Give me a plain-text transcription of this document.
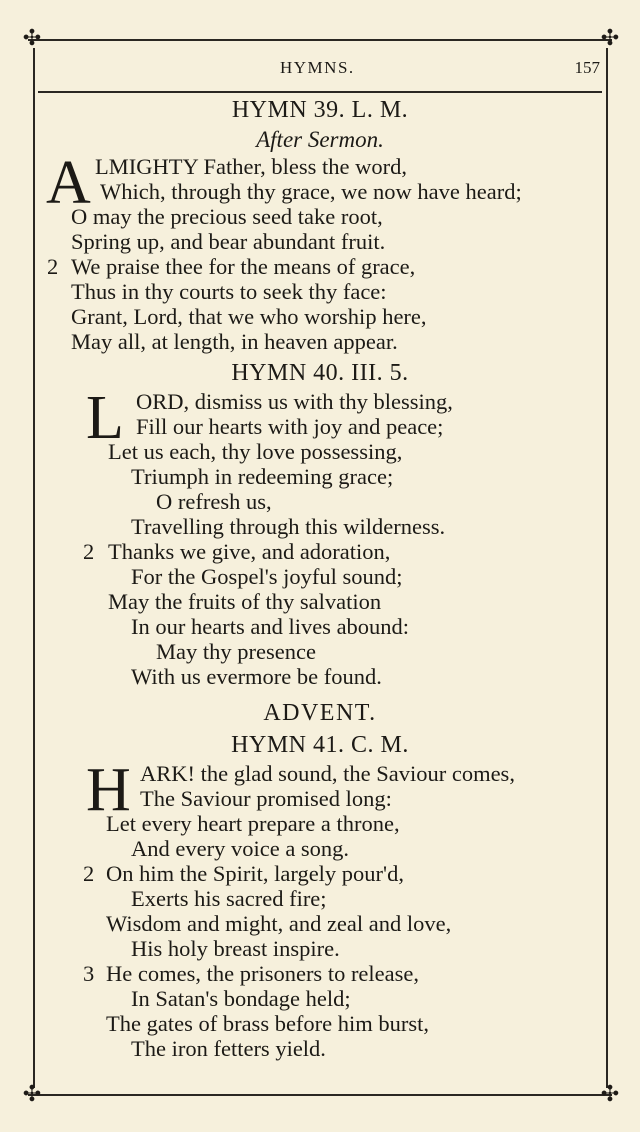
✣	✣
✣	✣
HYMNS.	157
HYMN 39. L. M.
After Sermon.
A LMIGHTY Father, bless the word,
Which, through thy grace, we now have heard;
O may the precious seed take root,
Spring up, and bear abundant fruit.
2 We praise thee for the means of grace,
Thus in thy courts to seek thy face:
Grant, Lord, that we who worship here,
May all, at length, in heaven appear.
HYMN 40. III. 5.
L ORD, dismiss us with thy blessing,
Fill our hearts with joy and peace;
Let us each, thy love possessing,
Triumph in redeeming grace;
O refresh us,
Travelling through this wilderness.
2 Thanks we give, and adoration,
For the Gospel's joyful sound;
May the fruits of thy salvation
In our hearts and lives abound:
May thy presence
With us evermore be found.
ADVENT.
HYMN 41. C. M.
H ARK! the glad sound, the Saviour comes,
The Saviour promised long:
Let every heart prepare a throne,
And every voice a song.
2 On him the Spirit, largely pour'd,
Exerts his sacred fire;
Wisdom and might, and zeal and love,
His holy breast inspire.
3 He comes, the prisoners to release,
In Satan's bondage held;
The gates of brass before him burst,
The iron fetters yield.
